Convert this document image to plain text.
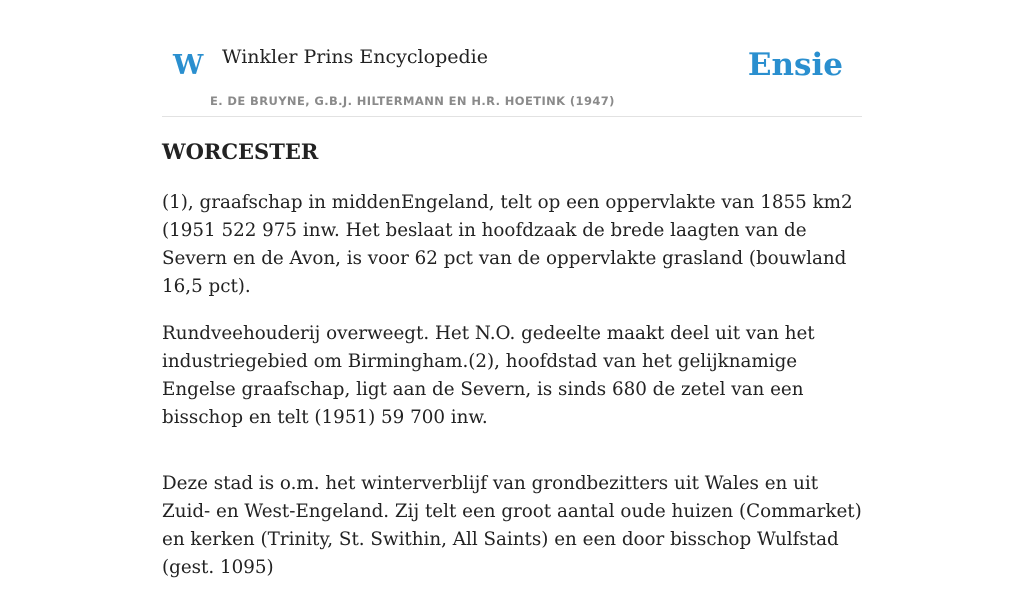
W Winkler Prins Encyclopedie
E. DE BRUYNE, G.B.J. HILTERMANN EN H.R. HOETINK (1947)
Ensie
WORCESTER

(1), graafschap in middenEngeland, telt op een oppervlakte van 1855 km2 (1951 522 975 inw. Het beslaat in hoofdzaak de brede laagten van de Severn en de Avon, is voor 62 pct van de oppervlakte grasland (bouwland 16,5 pct).

Rundveehouderij overweegt. Het N.O. gedeelte maakt deel uit van het industriegebied om Birmingham.(2), hoofdstad van het gelijknamige Engelse graafschap, ligt aan de Severn, is sinds 680 de zetel van een bisschop en telt (1951) 59 700 inw.

Deze stad is o.m. het winterverblijf van grondbezitters uit Wales en uit Zuid- en West-Engeland. Zij telt een groot aantal oude huizen (Commarket) en kerken (Trinity, St. Swithin, All Saints) en een door bisschop Wulfstad (gest. 1095)
